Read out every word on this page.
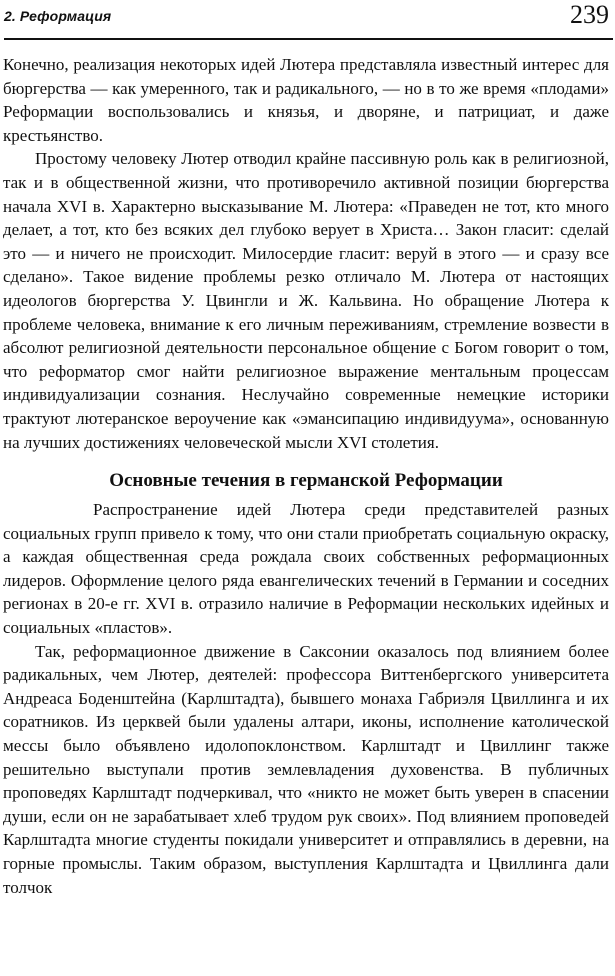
2. Реформация	239

Конечно, реализация некоторых идей Лютера представляла известный интерес для бюргерства — как умеренного, так и радикального, — но в то же время «плодами» Реформации воспользовались и князья, и дворяне, и патрициат, и даже крестьянство.

Простому человеку Лютер отводил крайне пассивную роль как в религиозной, так и в общественной жизни, что противоречило активной позиции бюргерства начала XVI в. Характерно высказывание М. Лютера: «Праведен не тот, кто много делает, а тот, кто без всяких дел глубоко верует в Христа… Закон гласит: сделай это — и ничего не происходит. Милосердие гласит: веруй в этого — и сразу все сделано». Такое видение проблемы резко отличало М. Лютера от настоящих идеологов бюргерства У. Цвингли и Ж. Кальвина. Но обращение Лютера к проблеме человека, внимание к его личным переживаниям, стремление возвести в абсолют религиозной деятельности персональное общение с Богом говорит о том, что реформатор смог найти религиозное выражение ментальным процессам индивидуализации сознания. Неслучайно современные немецкие историки трактуют лютеранское вероучение как «эмансипацию индивидуума», основанную на лучших достижениях человеческой мысли XVI столетия.

Основные течения в германской Реформации

Распространение идей Лютера среди представителей разных социальных групп привело к тому, что они стали приобретать социальную окраску, а каждая общественная среда рождала своих собственных реформационных лидеров. Оформление целого ряда евангелических течений в Германии и соседних регионах в 20-е гг. XVI в. отразило наличие в Реформации нескольких идейных и социальных «пластов».

Так, реформационное движение в Саксонии оказалось под влиянием более радикальных, чем Лютер, деятелей: профессора Виттенбергского университета Андреаса Боденштейна (Карлштадта), бывшего монаха Габриэля Цвиллинга и их соратников. Из церквей были удалены алтари, иконы, исполнение католической мессы было объявлено идолопоклонством. Карлштадт и Цвиллинг также решительно выступали против землевладения духовенства. В публичных проповедях Карлштадт подчеркивал, что «никто не может быть уверен в спасении души, если он не зарабатывает хлеб трудом рук своих». Под влиянием проповедей Карлштадта многие студенты покидали университет и отправлялись в деревни, на горные промыслы. Таким образом, выступления Карлштадта и Цвиллинга дали толчок
